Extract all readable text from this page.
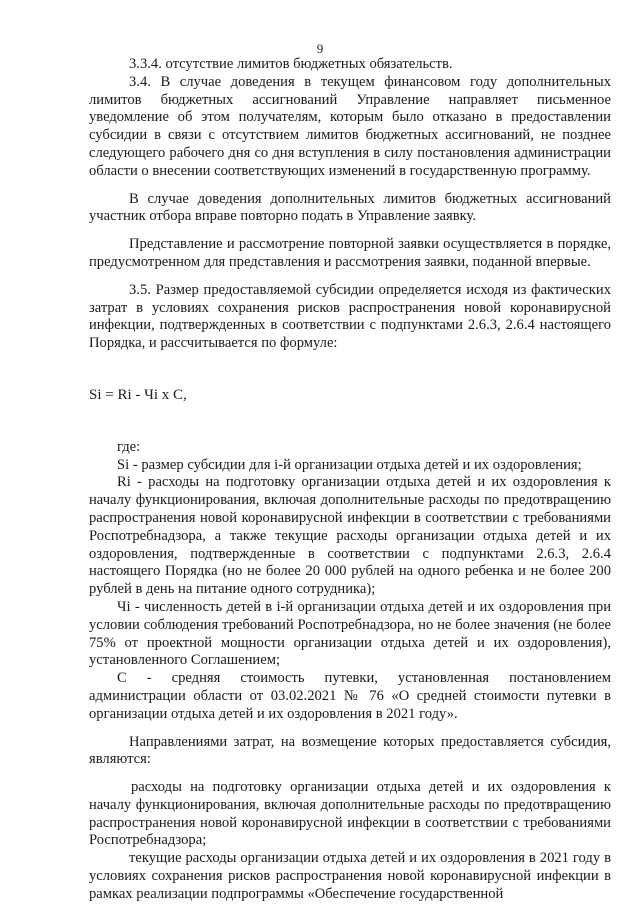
9

3.3.4. отсутствие лимитов бюджетных обязательств.

3.4. В случае доведения в текущем финансовом году дополнительных лимитов бюджетных ассигнований Управление направляет письменное уведомление об этом получателям, которым было отказано в предоставлении субсидии в связи с отсутствием лимитов бюджетных ассигнований, не позднее следующего рабочего дня со дня вступления в силу постановления администрации области о внесении соответствующих изменений в государственную программу.

В случае доведения дополнительных лимитов бюджетных ассигнований участник отбора вправе повторно подать в Управление заявку.

Представление и рассмотрение повторной заявки осуществляется в порядке, предусмотренном для представления и рассмотрения заявки, поданной впервые.

3.5. Размер предоставляемой субсидии определяется исходя из фактических затрат в условиях сохранения рисков распространения новой коронавирусной инфекции, подтвержденных в соответствии с подпунктами 2.6.3, 2.6.4 настоящего Порядка, и рассчитывается по формуле:

Si = Ri - Чi х С,

где:

Si - размер субсидии для i-й организации отдыха детей и их оздоровления;

Ri - расходы на подготовку организации отдыха детей и их оздоровления к началу функционирования, включая дополнительные расходы по предотвращению распространения новой коронавирусной инфекции в соответствии с требованиями Роспотребнадзора, а также текущие расходы организации отдыха детей и их оздоровления, подтвержденные в соответствии с подпунктами 2.6.3, 2.6.4 настоящего Порядка (но не более 20 000 рублей на одного ребенка и не более 200 рублей в день на питание одного сотрудника);

Чi - численность детей в i-й организации отдыха детей и их оздоровления при условии соблюдения требований Роспотребнадзора, но не более значения (не более 75% от проектной мощности организации отдыха детей и их оздоровления), установленного Соглашением;

С - средняя стоимость путевки, установленная постановлением администрации области от 03.02.2021 № 76 «О средней стоимости путевки в организации отдыха детей и их оздоровления в 2021 году».

Направлениями затрат, на возмещение которых предоставляется субсидия, являются:

расходы на подготовку организации отдыха детей и их оздоровления к началу функционирования, включая дополнительные расходы по предотвращению распространения новой коронавирусной инфекции в соответствии с требованиями Роспотребнадзора;

текущие расходы организации отдыха детей и их оздоровления в 2021 году в условиях сохранения рисков распространения новой коронавирусной инфекции в рамках реализации подпрограммы «Обеспечение государственной
